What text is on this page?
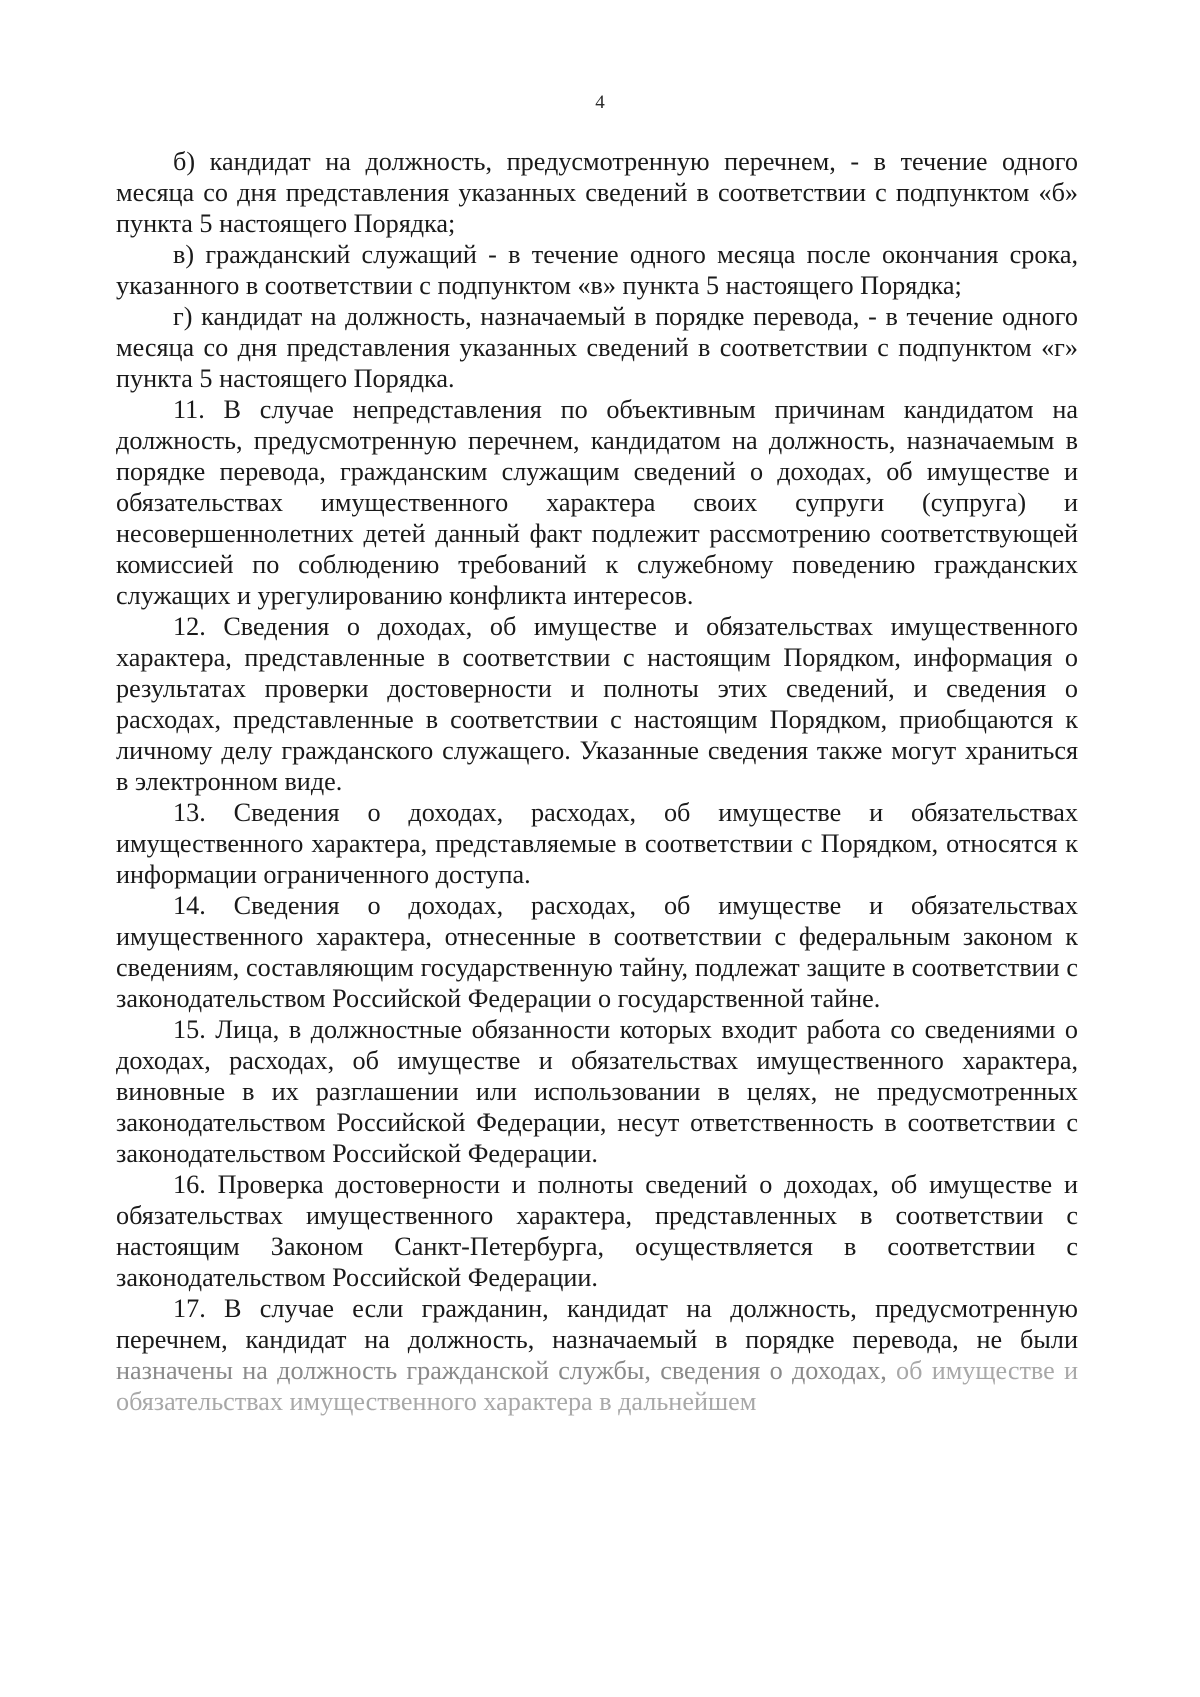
4

б) кандидат на должность, предусмотренную перечнем, - в течение одного месяца со дня представления указанных сведений в соответствии с подпунктом «б» пункта 5 настоящего Порядка;

в) гражданский служащий - в течение одного месяца после окончания срока, указанного в соответствии с подпунктом «в» пункта 5 настоящего Порядка;

г) кандидат на должность, назначаемый в порядке перевода, - в течение одного месяца со дня представления указанных сведений в соответствии с подпунктом «г» пункта 5 настоящего Порядка.

11. В случае непредставления по объективным причинам кандидатом на должность, предусмотренную перечнем, кандидатом на должность, назначаемым в порядке перевода, гражданским служащим сведений о доходах, об имуществе и обязательствах имущественного характера своих супруги (супруга) и несовершеннолетних детей данный факт подлежит рассмотрению соответствующей комиссией по соблюдению требований к служебному поведению гражданских служащих и урегулированию конфликта интересов.

12. Сведения о доходах, об имуществе и обязательствах имущественного характера, представленные в соответствии с настоящим Порядком, информация о результатах проверки достоверности и полноты этих сведений, и сведения о расходах, представленные в соответствии с настоящим Порядком, приобщаются к личному делу гражданского служащего. Указанные сведения также могут храниться в электронном виде.

13. Сведения о доходах, расходах, об имуществе и обязательствах имущественного характера, представляемые в соответствии с Порядком, относятся к информации ограниченного доступа.

14. Сведения о доходах, расходах, об имуществе и обязательствах имущественного характера, отнесенные в соответствии с федеральным законом к сведениям, составляющим государственную тайну, подлежат защите в соответствии с законодательством Российской Федерации о государственной тайне.

15. Лица, в должностные обязанности которых входит работа со сведениями о доходах, расходах, об имуществе и обязательствах имущественного характера, виновные в их разглашении или использовании в целях, не предусмотренных законодательством Российской Федерации, несут ответственность в соответствии с законодательством Российской Федерации.

16. Проверка достоверности и полноты сведений о доходах, об имуществе и обязательствах имущественного характера, представленных в соответствии с настоящим Законом Санкт-Петербурга, осуществляется в соответствии с законодательством Российской Федерации.

17. В случае если гражданин, кандидат на должность, предусмотренную перечнем, кандидат на должность, назначаемый в порядке перевода, не были назначены на должность гражданской службы, сведения о доходах, об имуществе и обязательствах имущественного характера в дальнейшем
